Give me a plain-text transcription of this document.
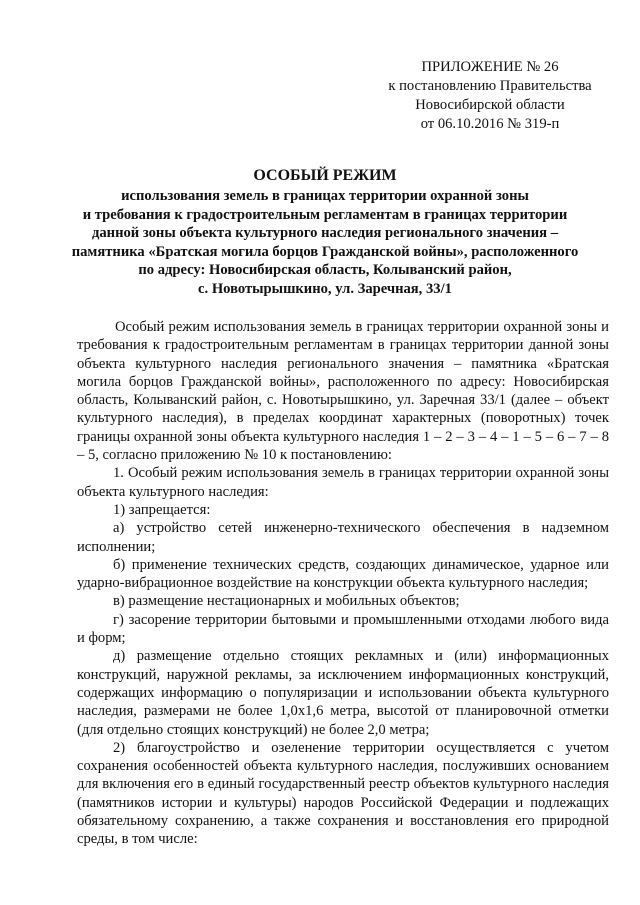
ПРИЛОЖЕНИЕ № 26
к постановлению Правительства
Новосибирской области
от 06.10.2016 № 319-п
ОСОБЫЙ РЕЖИМ
использования земель в границах территории охранной зоны
и требования к градостроительным регламентам в границах территории
данной зоны объекта культурного наследия регионального значения –
памятника «Братская могила борцов Гражданской войны», расположенного
по адресу: Новосибирская область, Колыванский район,
с. Новотырышкино, ул. Заречная, 33/1

Особый режим использования земель в границах территории охранной зоны и требования к градостроительным регламентам в границах территории данной зоны объекта культурного наследия регионального значения – памятника «Братская могила борцов Гражданской войны», расположенного по адресу: Новосибирская область, Колыванский район, с. Новотырышкино, ул. Заречная 33/1 (далее – объект культурного наследия), в пределах координат характерных (поворотных) точек границы охранной зоны объекта культурного наследия 1 – 2 – 3 – 4 – 1 – 5 – 6 – 7 – 8 – 5, согласно приложению № 10 к постановлению:

1. Особый режим использования земель в границах территории охранной зоны объекта культурного наследия:

1) запрещается:

а) устройство сетей инженерно-технического обеспечения в надземном исполнении;

б) применение технических средств, создающих динамическое, ударное или ударно-вибрационное воздействие на конструкции объекта культурного наследия;

в) размещение нестационарных и мобильных объектов;

г) засорение территории бытовыми и промышленными отходами любого вида и форм;

д) размещение отдельно стоящих рекламных и (или) информационных конструкций, наружной рекламы, за исключением информационных конструкций, содержащих информацию о популяризации и использовании объекта культурного наследия, размерами не более 1,0х1,6 метра, высотой от планировочной отметки (для отдельно стоящих конструкций) не более 2,0 метра;

2) благоустройство и озеленение территории осуществляется с учетом сохранения особенностей объекта культурного наследия, послуживших основанием для включения его в единый государственный реестр объектов культурного наследия (памятников истории и культуры) народов Российской Федерации и подлежащих обязательному сохранению, а также сохранения и восстановления его природной среды, в том числе:
